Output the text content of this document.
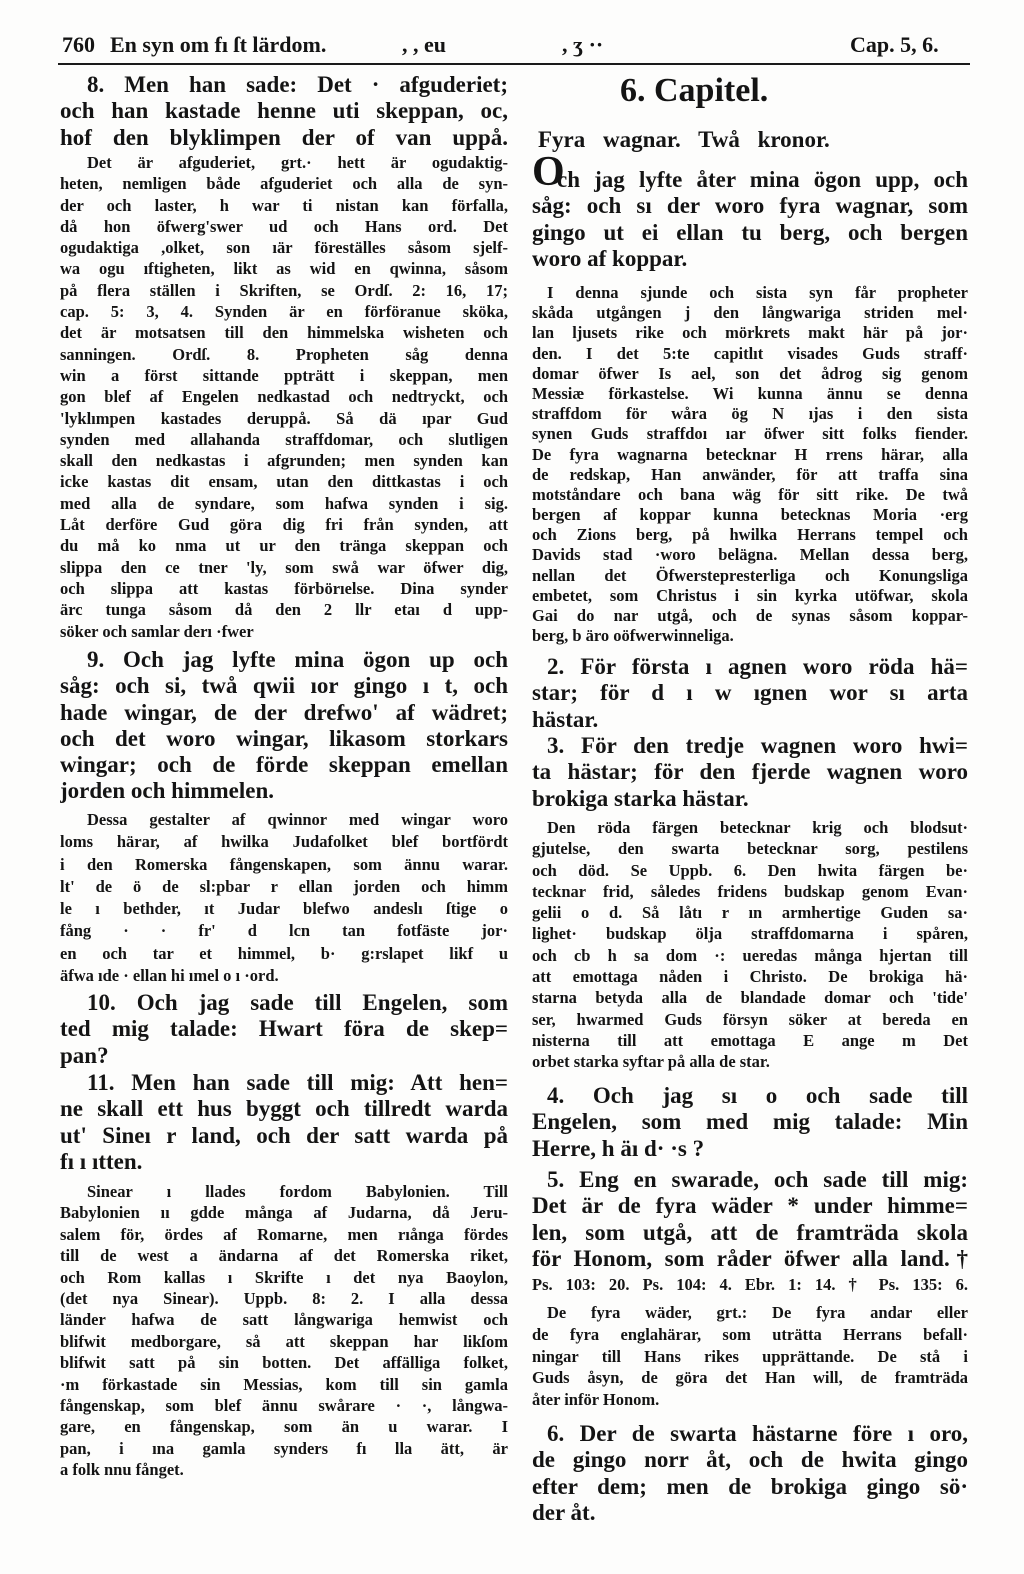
760 En syn om fı ſt lärdom.	, , eu	, ʒ ··	Cap. 5, 6.
8. Men han sade: Det · afguderiet;
och han kastade henne uti skeppan, oc,
hof den blyklimpen der of van uppå.
Det är afguderiet, grt.· hett är ogudaktig-
heten, nemligen både afguderiet och alla de syn-
der och laster, h war ti nistan kan förfalla,
då hon öfwerg'swer ud och Hans ord. Det
ogudaktiga ,olket, son ıär föreställes såsom sjelf-
wa ogu ıftigheten, likt as wid en qwinna, såsom
på flera ställen i Skriften, se Ordſ. 2: 16, 17;
cap. 5: 3, 4. Synden är en förföranue sköka,
det är motsatsen till den himmelska wisheten och
sanningen. Ordſ. 8. Propheten såg denna
win a först sittande ppträtt i skeppan, men
gon blef af Engelen nedkastad och nedtryckt, och
'lyklımpen kastades deruppå. Så dä ıpar Gud
synden med allahanda straffdomar, och slutligen
skall den nedkastas i afgrunden; men synden kan
icke kastas dit ensam, utan den dittkastas i och
med alla de syndare, som hafwa synden i sig.
Låt derföre Gud göra dig fri från synden, att
du må ko nma ut ur den tränga skeppan och
slippa den ce tner 'ly, som swå war öfwer dig,
och slippa att kastas förbörıelse. Dina synder
ärc tunga såsom då den 2 llr etaı d upp-
söker och samlar derı ·fwer
9. Och jag lyfte mina ögon up och
såg: och si, twå qwii ıor gingo ı t, och
hade wingar, de der drefwo' af wädret;
och det woro wingar, likasom storkars
wingar; och de förde skeppan emellan
jorden och himmelen.
Dessa gestalter af qwinnor med wingar woro
loms härar, af hwilka Judafolket blef bortfördt
i den Romerska fångenskapen, som ännu warar.
lt' de ö de sl:pbar r ellan jorden och himm
le ı bethder, ıt Judar blefwo andeslı ſtige o
fång · · fr' d lcn tan fotfäste jor·
en och tar et himmel, b· g:rslapet likf u
äfwa ıde · ellan hi ımel o ı ·ord.
10. Och jag sade till Engelen, som
ted mig talade: Hwart föra de skep=
pan?
11. Men han sade till mig: Att hen=
ne skall ett hus byggt och tillredt warda
ut' Sineı r land, och der satt warda på
fı ı ıtten.
Sinear ı llades fordom Babylonien. Till
Babylonien ıı gdde många af Judarna, då Jeru-
salem för, ördes af Romarne, men rıånga fördes
till de west a ändarna af det Romerska riket,
och Rom kallas ı Skrifte ı det nya Baoylon,
(det nya Sinear). Uppb. 8: 2. I alla dessa
länder hafwa de satt långwariga hemwist och
blifwit medborgare, så att skeppan har likſom
blifwit satt på sin botten. Det affälliga folket,
·m förkastade sin Messias, kom till sin gamla
fångenskap, som blef ännu swårare · ·, långwa-
gare, en fångenskap, som än u warar. I
pan, i ına gamla synders fı lla ätt, är
a folk nnu fånget.
6. Capitel.
Fyra wagnar. Twå kronor.
O
ch jag lyfte åter mina ögon upp, och
såg: och sı der woro fyra wagnar, som
gingo ut ei ellan tu berg, och bergen
woro af koppar.
I denna sjunde och sista syn får propheter
skåda utgången j den långwariga striden mel·
lan ljusets rike och mörkrets makt här på jor·
den. I det 5:te capitlıt visades Guds straff·
domar öfwer Is ael, son det ådrog sig genom
Messiæ förkastelse. Wi kunna ännu se denna
straffdom för wåra ög N ıjas i den sista
synen Guds straffdoı ıar öfwer sitt folks fiender.
De fyra wagnarna betecknar H rrens härar, alla
de redskap, Han anwänder, för att traffa sina
motståndare och bana wäg för sitt rike. De twå
bergen af koppar kunna betecknas Moria ·erg
och Zions berg, på hwilka Herrans tempel och
Davids stad ·woro belägna. Mellan dessa berg,
nellan det Öfwerstepresterliga och Konungsliga
embetet, som Christus i sin kyrka utöfwar, skola
Gai do nar utgå, och de synas såsom koppar-
berg, b äro oöfwerwinneliga.
2. För första ı agnen woro röda hä=
star; för d ı w ıgnen wor sı arta
hästar.
3. För den tredje wagnen woro hwi=
ta hästar; för den fjerde wagnen woro
brokiga starka hästar.
Den röda färgen betecknar krig och blodsut·
gjutelse, den swarta betecknar sorg, pestilens
och död. Se Uppb. 6. Den hwita färgen be·
tecknar frid, således fridens budskap genom Evan·
gelii o d. Så låtı r ın armhertige Guden sa·
lighet· budskap ölja straffdomarna i spåren,
och cb h sa dom ·: ueredas många hjertan till
att emottaga nåden i Christo. De brokiga hä·
starna betyda alla de blandade domar och 'tide'
ser, hwarmed Guds försyn söker at bereda en
nisterna till att emottaga E ange m Det
orbet starka syftar på alla de star.
4. Och jag sı o och sade till
Engelen, som med mig talade: Min
Herre, h äı d· ·s ?
5. Eng en swarade, och sade till mig:
Det är de fyra wäder * under himme=
len, som utgå, att de framträda skola
för Honom, som råder öfwer alla land.†
Ps. 103: 20. Ps. 104: 4. Ebr. 1: 14. † Ps. 135: 6.
De fyra wäder, grt.: De fyra andar eller
de fyra englahärar, som uträtta Herrans befall·
ningar till Hans rikes upprättande. De stå i
Guds åsyn, de göra det Han will, de framträda
åter inför Honom.
6. Der de swarta hästarne före ı oro,
de gingo norr åt, och de hwita gingo
efter dem; men de brokiga gingo sö·
der åt.
